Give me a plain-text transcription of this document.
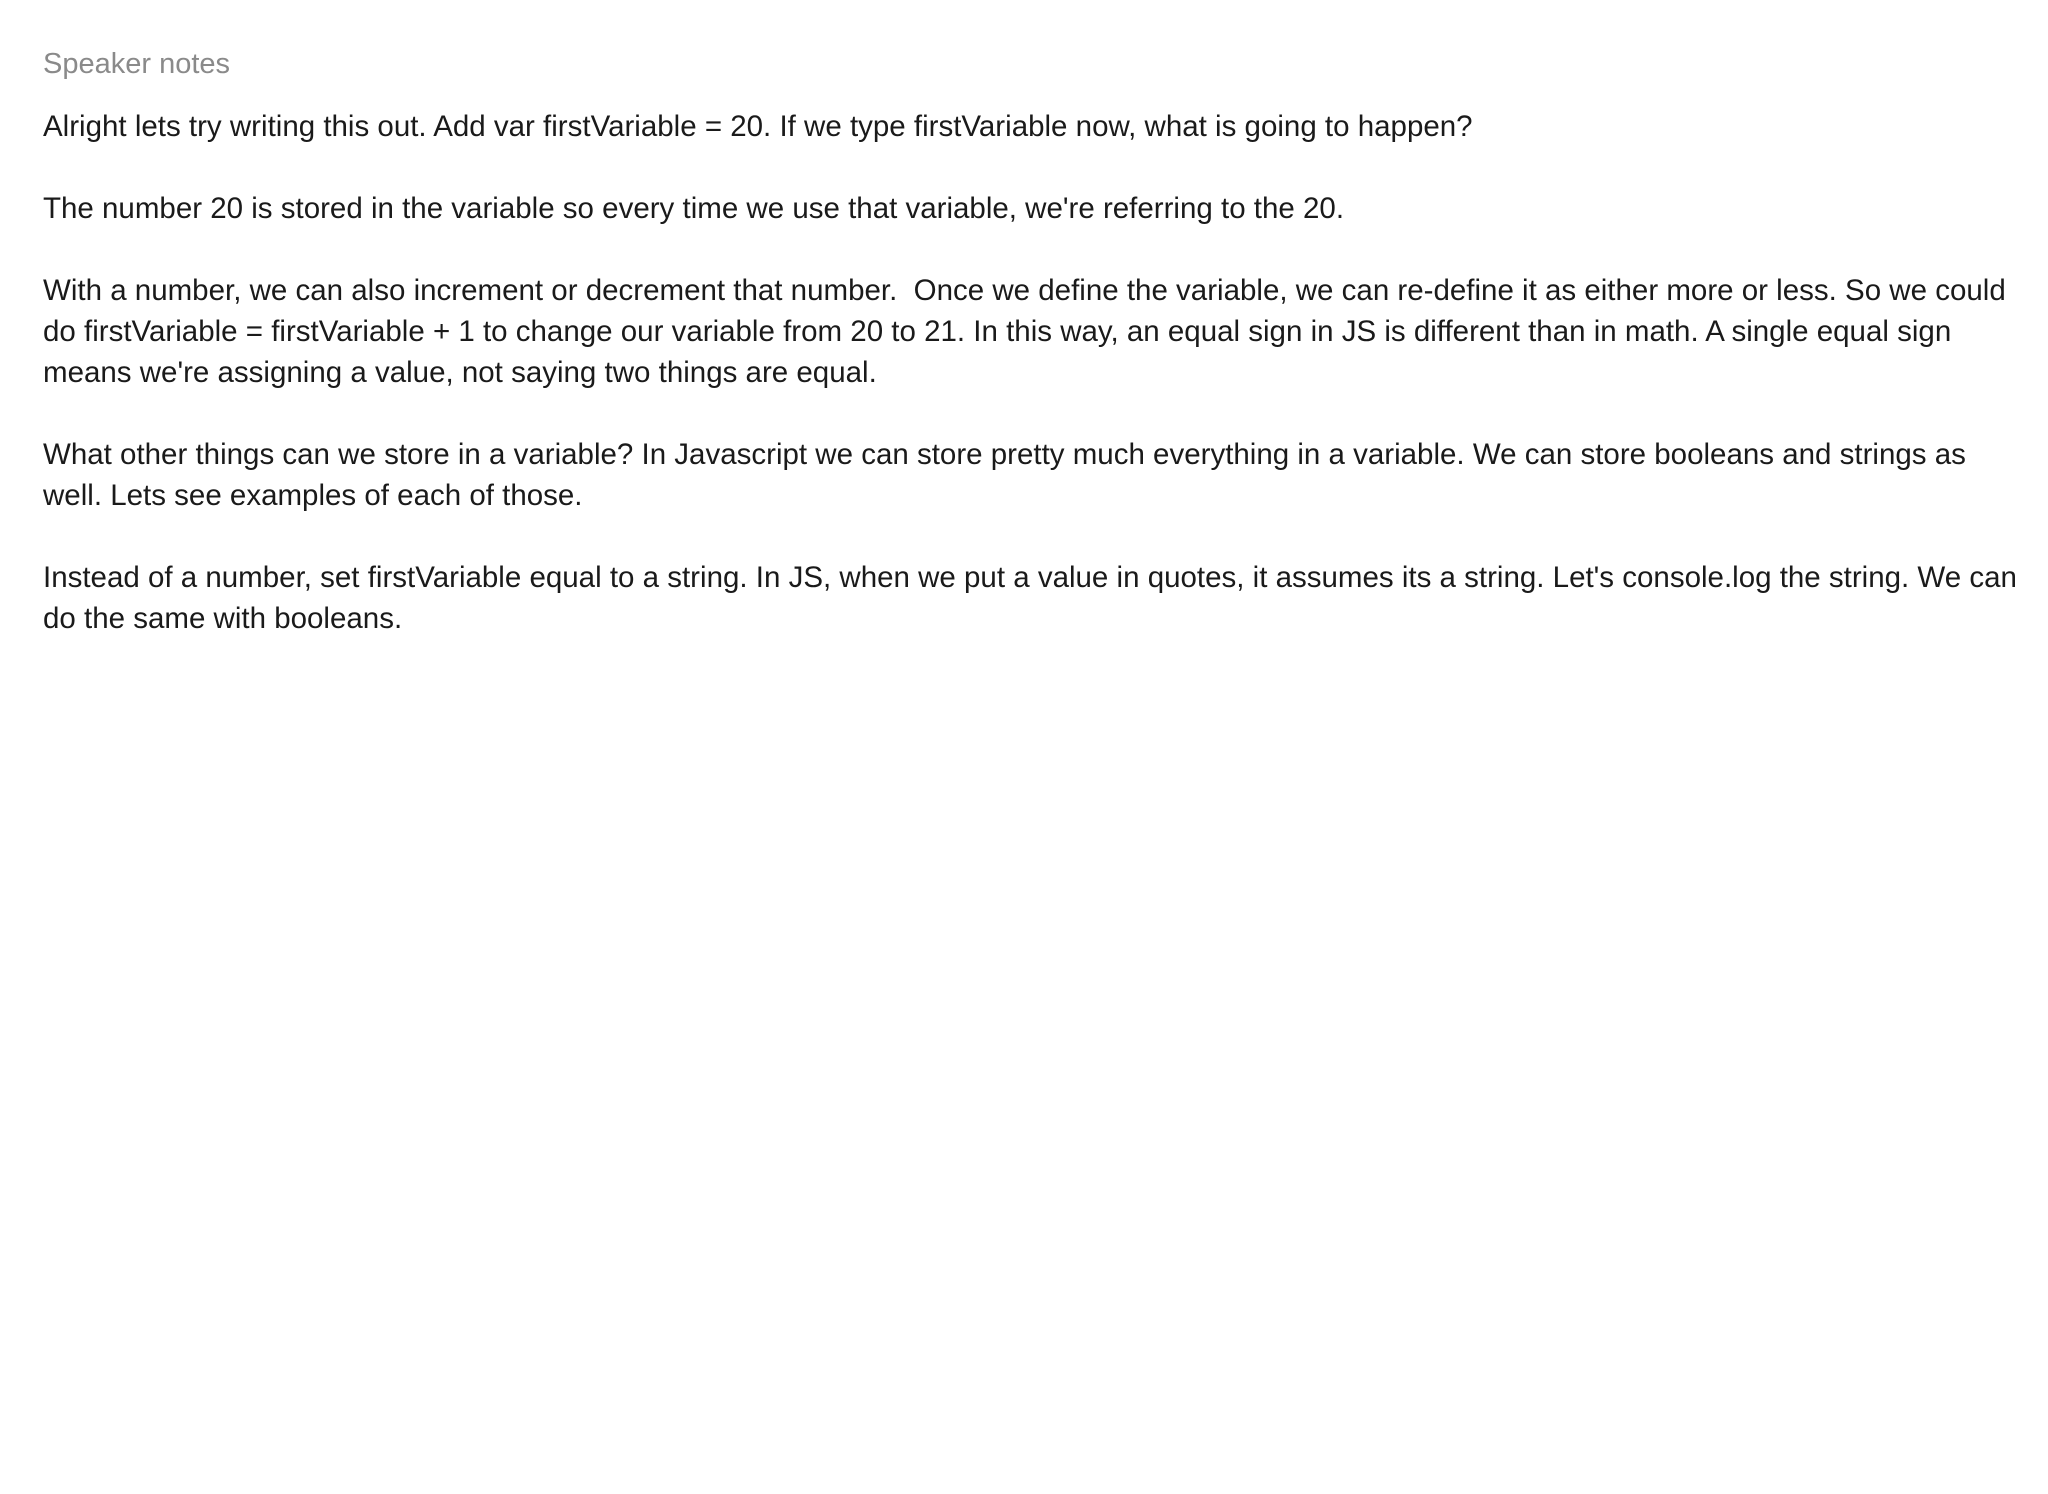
Speaker notes

Alright lets try writing this out. Add var firstVariable = 20. If we type firstVariable now, what is going to happen?

The number 20 is stored in the variable so every time we use that variable, we're referring to the 20.

With a number, we can also increment or decrement that number.  Once we define the variable, we can re-define it as either more or less. So we could do firstVariable = firstVariable + 1 to change our variable from 20 to 21. In this way, an equal sign in JS is different than in math. A single equal sign means we're assigning a value, not saying two things are equal.

What other things can we store in a variable? In Javascript we can store pretty much everything in a variable. We can store booleans and strings as well. Lets see examples of each of those.

Instead of a number, set firstVariable equal to a string. In JS, when we put a value in quotes, it assumes its a string. Let's console.log the string. We can do the same with booleans.
